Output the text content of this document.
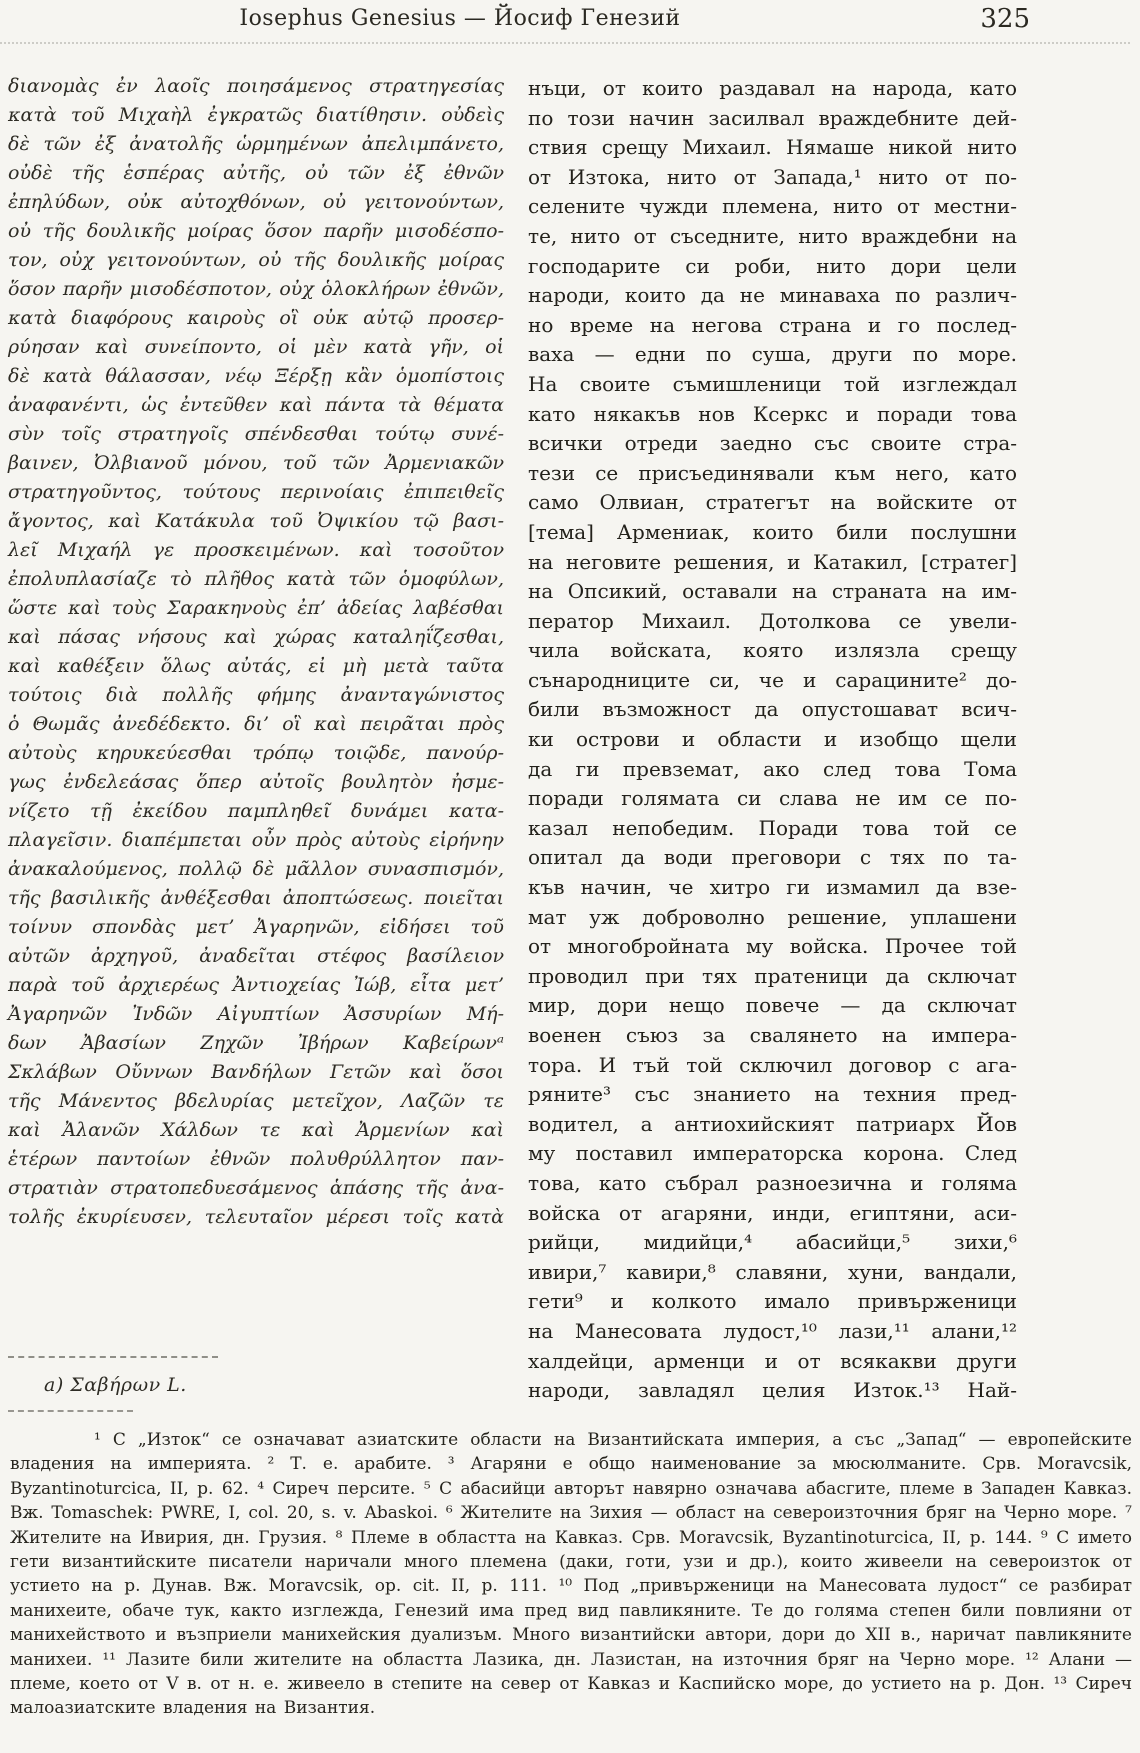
Iosephus Genesius — Йосиф Генезий	325
διανομὰς ἐν λαοῖς ποιησάμενος στρατηγεσίας
κατὰ τοῦ Μιχαὴλ ἐγκρατῶς διατίθησιν. οὐδεὶς
δὲ τῶν ἐξ ἀνατολῆς ὡρμημένων ἀπελιμπάνετο,
οὐδὲ τῆς ἑσπέρας αὐτῆς, οὐ τῶν ἐξ ἐθνῶν
ἐπηλύδων, οὐκ αὐτοχθόνων, οὐ γειτονούντων,
οὐ τῆς δουλικῆς μοίρας ὅσον παρῆν μισοδέσπο-
τον, οὐχ γειτονούντων, οὐ τῆς δουλικῆς μοίρας
ὅσον παρῆν μισοδέσποτον, οὐχ ὁλοκλήρων ἐθνῶν,
κατὰ διαφόρους καιροὺς οἳ οὐκ αὐτῷ προσερ-
ρύησαν καὶ συνείποντο, οἱ μὲν κατὰ γῆν, οἱ
δὲ κατὰ θάλασσαν, νέῳ Ξέρξῃ κἂν ὁμοπίστοις
ἀναφανέντι, ὡς ἐντεῦθεν καὶ πάντα τὰ θέματα
σὺν τοῖς στρατηγοῖς σπένδεσθαι τούτῳ συνέ-
βαινεν, Ὀλβιανοῦ μόνου, τοῦ τῶν Ἀρμενιακῶν
στρατηγοῦντος, τούτους περινοίαις ἐπιπειθεῖς
ἄγοντος, καὶ Κατάκυλα τοῦ Ὀψικίου τῷ βασι-
λεῖ Μιχαήλ γε προσκειμένων. καὶ τοσοῦτον
ἐπολυπλασίαζε τὸ πλῆθος κατὰ τῶν ὁμοφύλων,
ὥστε καὶ τοὺς Σαρακηνοὺς ἐπ’ ἀδείας λαβέσθαι
καὶ πάσας νήσους καὶ χώρας καταληΐζεσθαι,
καὶ καθέξειν ὅλως αὐτάς, εἰ μὴ μετὰ ταῦτα
τούτοις διὰ πολλῆς φήμης ἀνανταγώνιστος
ὁ Θωμᾶς ἀνεδέδεκτο. δι’ οἳ καὶ πειρᾶται πρὸς
αὐτοὺς κηρυκεύεσθαι τρόπῳ τοιῷδε, πανούρ-
γως ἐνδελεάσας ὅπερ αὐτοῖς βουλητὸν ἠσμε-
νίζετο τῇ ἐκείδου παμπληθεῖ δυνάμει κατα-
πλαγεῖσιν. διαπέμπεται οὖν πρὸς αὐτοὺς εἰρήνην
ἀνακαλούμενος, πολλῷ δὲ μᾶλλον συνασπισμόν,
τῆς βασιλικῆς ἀνθέξεσθαι ἀποπτώσεως. ποιεῖται
τοίνυν σπονδὰς μετ’ Ἀγαρηνῶν, εἰδήσει τοῦ
αὐτῶν ἀρχηγοῦ, ἀναδεῖται στέφος βασίλειον
παρὰ τοῦ ἀρχιερέως Ἀντιοχείας Ἰώβ, εἶτα μετ’
Ἀγαρηνῶν Ἰνδῶν Αἰγυπτίων Ἀσσυρίων Μή-
δων Ἀβασίων Ζηχῶν Ἰβήρων Καβείρωνᵃ
Σκλάβων Οὔννων Βανδήλων Γετῶν καὶ ὅσοι
τῆς Μάνεντος βδελυρίας μετεῖχον, Λαζῶν τε
καὶ Ἀλανῶν Χάλδων τε καὶ Ἀρμενίων καὶ
ἑτέρων παντοίων ἐθνῶν πολυθρύλλητον παν-
στρατιὰν στρατοπεδυεσάμενος ἁπάσης τῆς ἀνα-
τολῆς ἐκυρίευσεν, τελευταῖον μέρεσι τοῖς κατὰ
нъци, от които раздавал на народа, като
по този начин засилвал враждебните дей-
ствия срещу Михаил. Нямаше никой нито
от Изтока, нито от Запада,¹ нито от по-
селените чужди племена, нито от местни-
те, нито от съседните, нито враждебни на
господарите си роби, нито дори цели
народи, които да не минаваха по различ-
но време на негова страна и го послед-
ваха — едни по суша, други по море.
На своите съмишленици той изглеждал
като някакъв нов Ксеркс и поради това
всички отреди заедно със своите стра-
тези се присъединявали към него, като
само Олвиан, стратегът на войските от
[тема] Армениак, които били послушни
на неговите решения, и Катакил, [стратег]
на Опсикий, оставали на страната на им-
ператор Михаил. Дотолкова се увели-
чила войската, която излязла срещу
сънародниците си, че и сарацините² до-
били възможност да опустошават всич-
ки острови и области и изобщо щели
да ги превземат, ако след това Тома
поради голямата си слава не им се по-
казал непобедим. Поради това той се
опитал да води преговори с тях по та-
къв начин, че хитро ги измамил да взе-
мат уж доброволно решение, уплашени
от многобройната му войска. Прочее той
проводил при тях пратеници да сключат
мир, дори нещо повече — да сключат
военен съюз за свалянето на импера-
тора. И тъй той сключил договор с ага-
ряните³ със знанието на техния пред-
водител, а антиохийският патриарх Йов
му поставил императорска корона. След
това, като събрал разноезична и голяма
войска от агаряни, инди, египтяни, аси-
рийци, мидийци,⁴ абасийци,⁵ зихи,⁶
ивири,⁷ кавири,⁸ славяни, хуни, вандали,
гети⁹ и колкото имало привърженици
на Манесовата лудост,¹⁰ лази,¹¹ алани,¹²
халдейци, арменци и от всякакви други
народи, завладял целия Изток.¹³ Най-
а) Σαβήρων L.
¹ С „Изток“ се означават азиатските области на Византийската империя, а със „Запад“ — европейските владения на империята. ² Т. е. арабите. ³ Агаряни е общо наименование за мюсюлманите. Срв. Moravcsik, Byzantinoturcica, II, p. 62. ⁴ Сиреч персите. ⁵ С абасийци авторът навярно означава абасгите, племе в Западен Кавказ. Вж. Tomaschek: PWRE, I, col. 20, s. v. Abaskoi. ⁶ Жителите на Зихия — област на североизточния бряг на Черно море. ⁷ Жителите на Ивирия, дн. Грузия. ⁸ Племе в областта на Кавказ. Срв. Moravcsik, Byzantinoturcica, II, p. 144. ⁹ С името гети византийските писатели наричали много племена (даки, готи, узи и др.), които живеели на североизток от устието на р. Дунав. Вж. Moravcsik, op. cit. II, p. 111. ¹⁰ Под „привърженици на Манесовата лудост“ се разбират манихеите, обаче тук, както изглежда, Генезий има пред вид павликяните. Те до голяма степен били повлияни от манихейството и възприели манихейския дуализъм. Много византийски автори, дори до XII в., наричат павликяните манихеи. ¹¹ Лазите били жителите на областта Лазика, дн. Лазистан, на източния бряг на Черно море. ¹² Алани — племе, което от V в. от н. е. живеело в степите на север от Кавказ и Каспийско море, до устието на р. Дон. ¹³ Сиреч малоазиатските владения на Византия.
